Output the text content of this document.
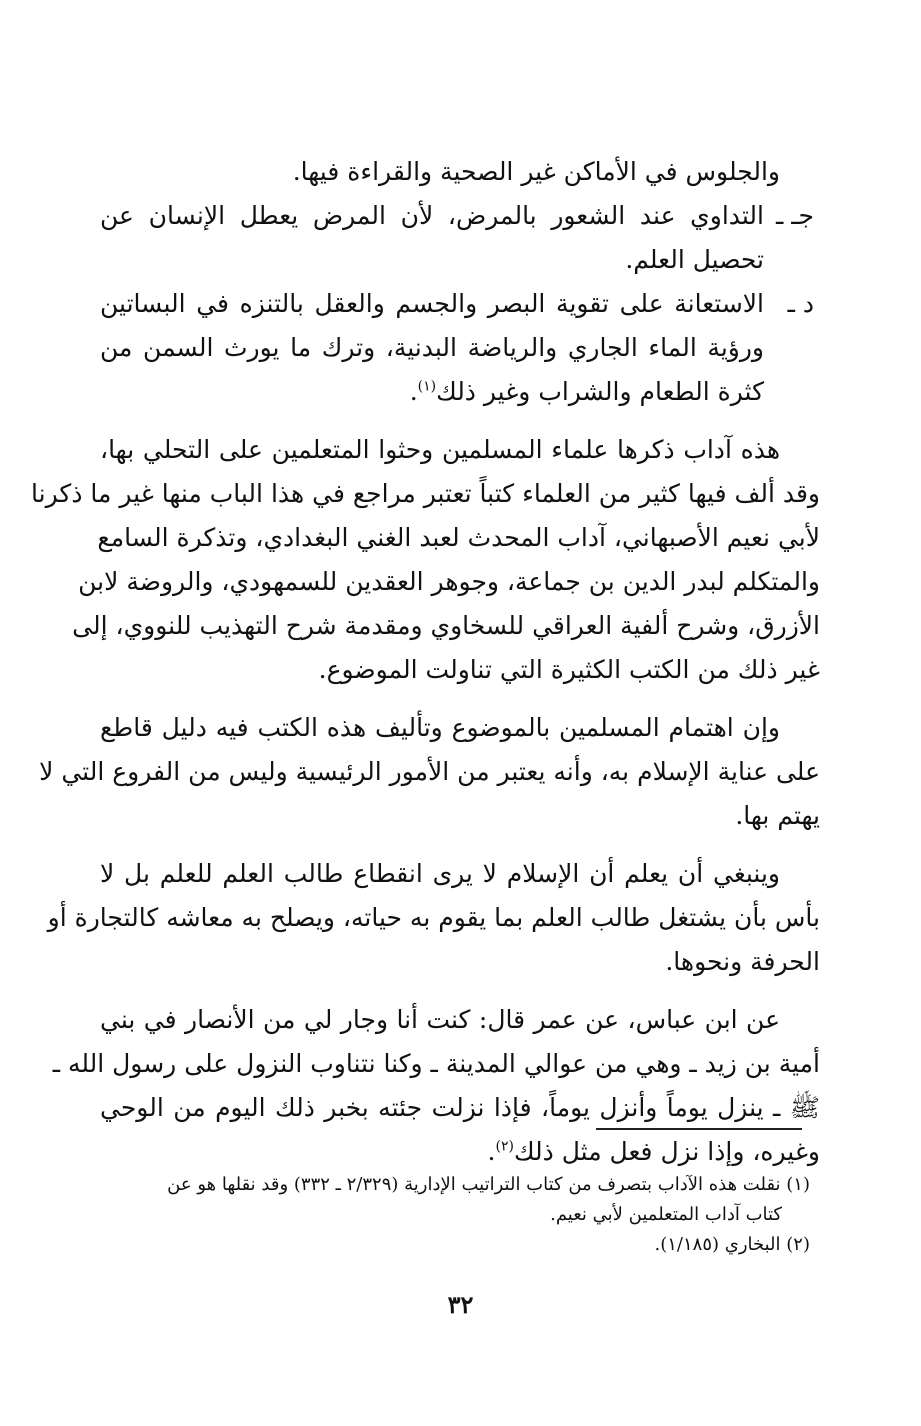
والجلوس في الأماكن غير الصحية والقراءة فيها.
جـ ـ
التداوي عند الشعور بالمرض، لأن المرض يعطل الإنسان عن
تحصيل العلم.
د ـ
الاستعانة على تقوية البصر والجسم والعقل بالتنزه في البساتين
ورؤية الماء الجاري والرياضة البدنية، وترك ما يورث السمن من
كثرة الطعام والشراب وغير ذلك$^{(١)}$.
هذه آداب ذكرها علماء المسلمين وحثوا المتعلمين على التحلي بها،
وقد ألف فيها كثير من العلماء كتباً تعتبر مراجع في هذا الباب منها غير ما ذكرنا
لأبي نعيم الأصبهاني، آداب المحدث لعبد الغني البغدادي، وتذكرة السامع
والمتكلم لبدر الدين بن جماعة، وجوهر العقدين للسمهودي، والروضة لابن
الأزرق، وشرح ألفية العراقي للسخاوي ومقدمة شرح التهذيب للنووي، إلى
غير ذلك من الكتب الكثيرة التي تناولت الموضوع.
وإن اهتمام المسلمين بالموضوع وتأليف هذه الكتب فيه دليل قاطع
على عناية الإسلام به، وأنه يعتبر من الأمور الرئيسية وليس من الفروع التي لا
يهتم بها.
وينبغي أن يعلم أن الإسلام لا يرى انقطاع طالب العلم للعلم بل لا
بأس بأن يشتغل طالب العلم بما يقوم به حياته، ويصلح به معاشه كالتجارة أو
الحرفة ونحوها.
عن ابن عباس، عن عمر قال: كنت أنا وجار لي من الأنصار في بني
أمية بن زيد ـ وهي من عوالي المدينة ـ وكنا نتناوب النزول على رسول الله ـ
ﷺ ـ ينزل يوماً وأنزل يوماً، فإذا نزلت جئته بخبر ذلك اليوم من الوحي
وغيره، وإذا نزل فعل مثل ذلك$^{(٢)}$.
(١) نقلت هذه الآداب بتصرف من كتاب التراتيب الإدارية (٢/٣٢٩ ـ ٣٣٢) وقد نقلها هو عن
كتاب آداب المتعلمين لأبي نعيم.
(٢) البخاري (١/١٨٥).
٣٢
